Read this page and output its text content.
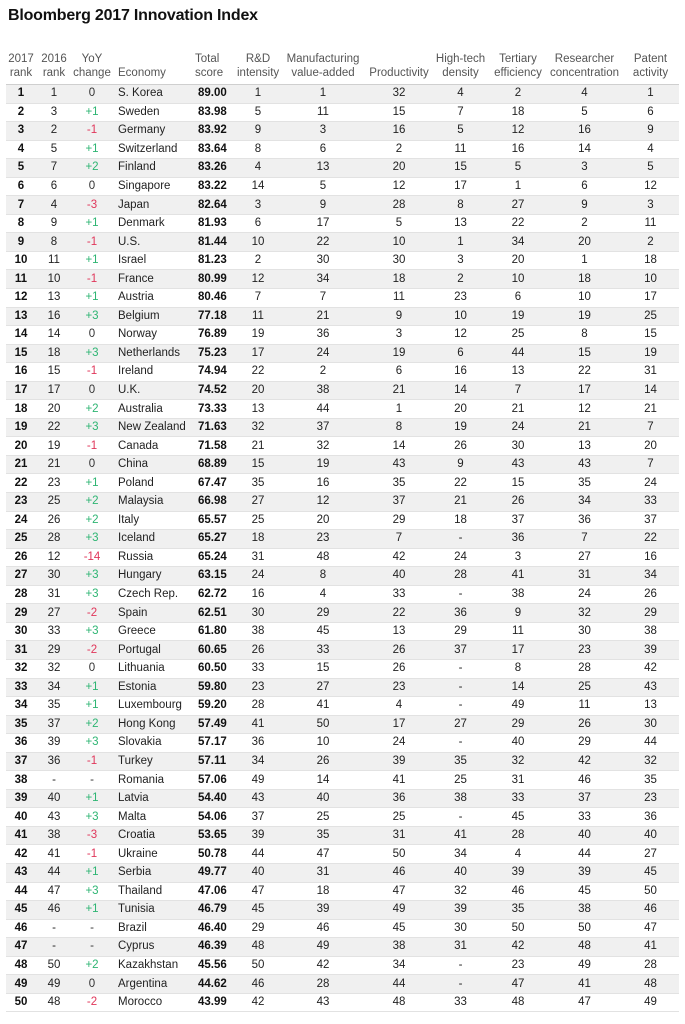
Bloomberg 2017 Innovation Index
2017 rank	2016 rank	YoY change	Economy	Total score	R&D intensity	Manufacturing value-added	Productivity	High-tech density	Tertiary efficiency	Researcher concentration	Patent activity
1	1	0	S. Korea	89.00	1	1	32	4	2	4	1
2	3	+1	Sweden	83.98	5	11	15	7	18	5	6
3	2	-1	Germany	83.92	9	3	16	5	12	16	9
4	5	+1	Switzerland	83.64	8	6	2	11	16	14	4
5	7	+2	Finland	83.26	4	13	20	15	5	3	5
6	6	0	Singapore	83.22	14	5	12	17	1	6	12
7	4	-3	Japan	82.64	3	9	28	8	27	9	3
8	9	+1	Denmark	81.93	6	17	5	13	22	2	11
9	8	-1	U.S.	81.44	10	22	10	1	34	20	2
10	11	+1	Israel	81.23	2	30	30	3	20	1	18
11	10	-1	France	80.99	12	34	18	2	10	18	10
12	13	+1	Austria	80.46	7	7	11	23	6	10	17
13	16	+3	Belgium	77.18	11	21	9	10	19	19	25
14	14	0	Norway	76.89	19	36	3	12	25	8	15
15	18	+3	Netherlands	75.23	17	24	19	6	44	15	19
16	15	-1	Ireland	74.94	22	2	6	16	13	22	31
17	17	0	U.K.	74.52	20	38	21	14	7	17	14
18	20	+2	Australia	73.33	13	44	1	20	21	12	21
19	22	+3	New Zealand	71.63	32	37	8	19	24	21	7
20	19	-1	Canada	71.58	21	32	14	26	30	13	20
21	21	0	China	68.89	15	19	43	9	43	43	7
22	23	+1	Poland	67.47	35	16	35	22	15	35	24
23	25	+2	Malaysia	66.98	27	12	37	21	26	34	33
24	26	+2	Italy	65.57	25	20	29	18	37	36	37
25	28	+3	Iceland	65.27	18	23	7	-	36	7	22
26	12	-14	Russia	65.24	31	48	42	24	3	27	16
27	30	+3	Hungary	63.15	24	8	40	28	41	31	34
28	31	+3	Czech Rep.	62.72	16	4	33	-	38	24	26
29	27	-2	Spain	62.51	30	29	22	36	9	32	29
30	33	+3	Greece	61.80	38	45	13	29	11	30	38
31	29	-2	Portugal	60.65	26	33	26	37	17	23	39
32	32	0	Lithuania	60.50	33	15	26	-	8	28	42
33	34	+1	Estonia	59.80	23	27	23	-	14	25	43
34	35	+1	Luxembourg	59.20	28	41	4	-	49	11	13
35	37	+2	Hong Kong	57.49	41	50	17	27	29	26	30
36	39	+3	Slovakia	57.17	36	10	24	-	40	29	44
37	36	-1	Turkey	57.11	34	26	39	35	32	42	32
38	-	-	Romania	57.06	49	14	41	25	31	46	35
39	40	+1	Latvia	54.40	43	40	36	38	33	37	23
40	43	+3	Malta	54.06	37	25	25	-	45	33	36
41	38	-3	Croatia	53.65	39	35	31	41	28	40	40
42	41	-1	Ukraine	50.78	44	47	50	34	4	44	27
43	44	+1	Serbia	49.77	40	31	46	40	39	39	45
44	47	+3	Thailand	47.06	47	18	47	32	46	45	50
45	46	+1	Tunisia	46.79	45	39	49	39	35	38	46
46	-	-	Brazil	46.40	29	46	45	30	50	50	47
47	-	-	Cyprus	46.39	48	49	38	31	42	48	41
48	50	+2	Kazakhstan	45.56	50	42	34	-	23	49	28
49	49	0	Argentina	44.62	46	28	44	-	47	41	48
50	48	-2	Morocco	43.99	42	43	48	33	48	47	49
